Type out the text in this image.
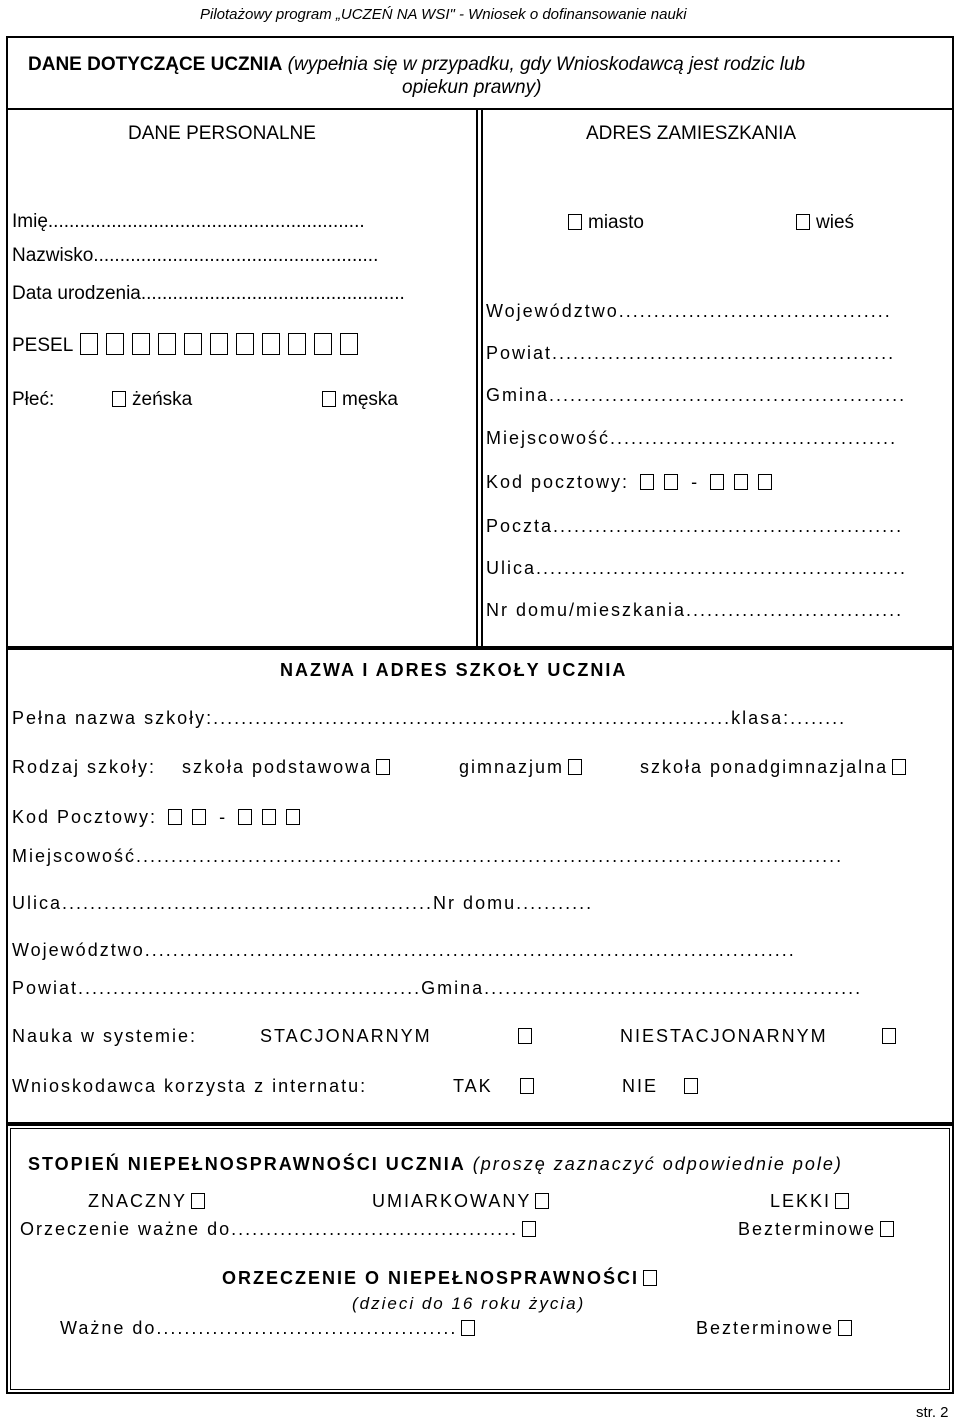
Pilotażowy program „UCZEŃ NA WSI" - Wniosek o dofinansowanie nauki
DANE DOTYCZĄCE UCZNIA (wypełnia się w przypadku, gdy Wnioskodawcą jest rodzic lub
opiekun prawny)
DANE PERSONALNE	ADRES ZAMIESZKANIA
Imię............................................................
Nazwisko......................................................
Data urodzenia..................................................
PESEL
Płeć:	żeńska	męska
miasto	wieś
Województwo.......................................
Powiat.................................................
Gmina...................................................
Miejscowość.........................................
Kod pocztowy:	-
Poczta..................................................
Ulica.....................................................
Nr domu/mieszkania...............................
NAZWA I ADRES SZKOŁY UCZNIA
Pełna nazwa szkoły:..........................................................................klasa:........
Rodzaj szkoły: szkoła podstawowa	gimnazjum	szkoła ponadgimnazjalna
Kod Pocztowy:	-
Miejscowość.....................................................................................................
Ulica.....................................................Nr domu...........
Województwo.............................................................................................
Powiat.................................................Gmina......................................................
Nauka w systemie:	STACJONARNYM	NIESTACJONARNYM
Wnioskodawca korzysta z internatu:	TAK	NIE
STOPIEŃ NIEPEŁNOSPRAWNOŚCI UCZNIA (proszę zaznaczyć odpowiednie pole)
ZNACZNY	UMIARKOWANY	LEKKI
Orzeczenie ważne do.........................................	Bezterminowe
ORZECZENIE O NIEPEŁNOSPRAWNOŚCI
(dzieci do 16 roku życia)
Ważne do...........................................	Bezterminowe
str. 2
